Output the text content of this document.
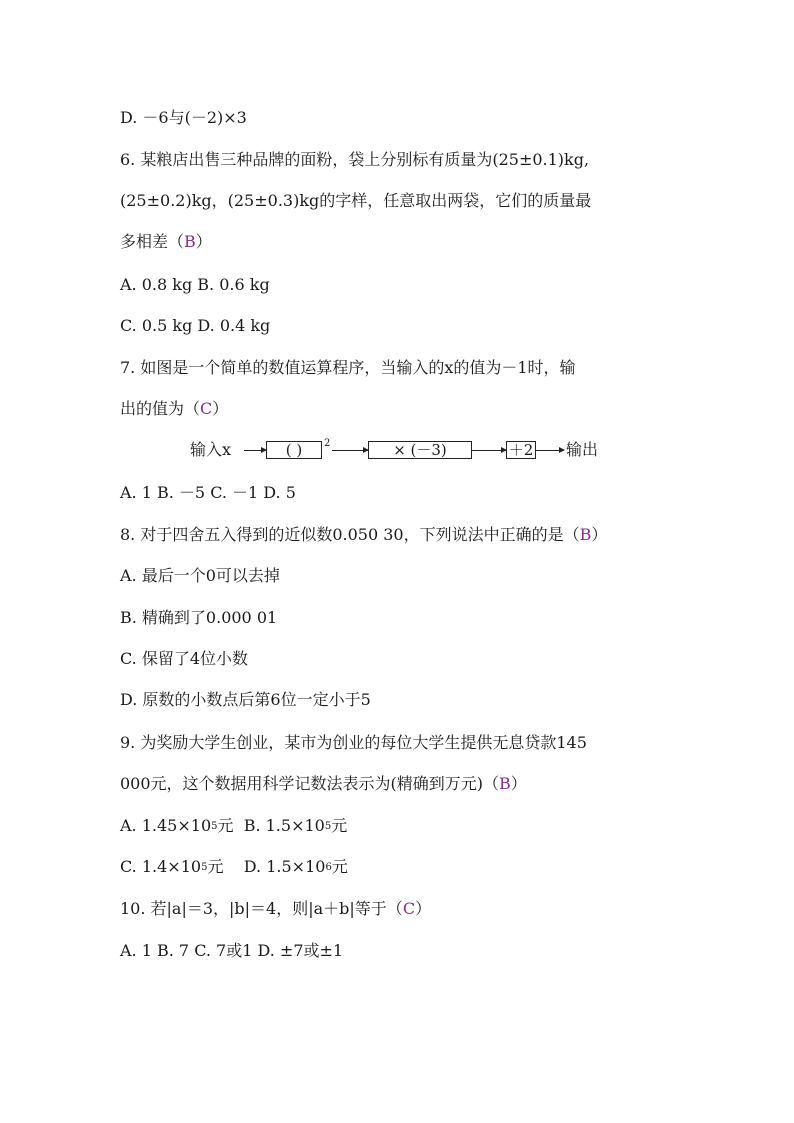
D. －6与(－2)×3
6. 某粮店出售三种品牌的面粉，袋上分别标有质量为(25±0.1)kg,
(25±0.2)kg，(25±0.3)kg的字样，任意取出两袋，它们的质量最
多相差（B）
A. 0.8 kg B. 0.6 kg
C. 0.5 kg D. 0.4 kg
7. 如图是一个简单的数值运算程序，当输入的x的值为－1时，输
出的值为（C）
输入x	( )	2	× (－3)	＋2 输出
A. 1 B. －5 C. －1 D. 5
8. 对于四舍五入得到的近似数0.050 30，下列说法中正确的是（B）
A. 最后一个0可以去掉
B. 精确到了0.000 01
C. 保留了4位小数
D. 原数的小数点后第6位一定小于5
9. 为奖励大学生创业，某市为创业的每位大学生提供无息贷款145
000元，这个数据用科学记数法表示为(精确到万元)（B）
A. $1.45\times 10^5$元  B. $1.5\times 10^5$元
C. $1.4\times 10^5$元    D. $1.5\times 10^6$元
10. 若|a|＝3，|b|＝4，则|a＋b|等于（C）
A. 1 B. 7 C. 7或1 D. ±7或±1
